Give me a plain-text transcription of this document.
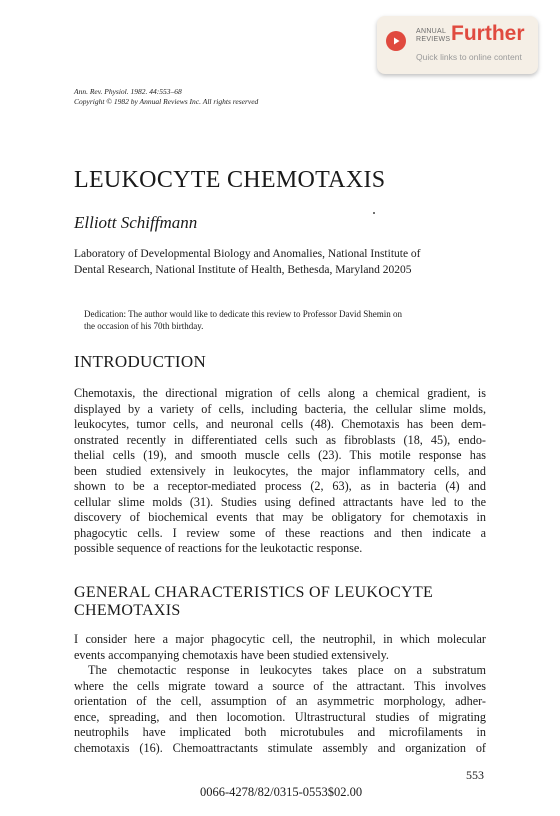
ANNUAL
REVIEWS Further
Quick links to online content
Ann. Rev. Physiol. 1982. 44:553–68
Copyright © 1982 by Annual Reviews Inc. All rights reserved
LEUKOCYTE CHEMOTAXIS
Elliott Schiffmann
Laboratory of Developmental Biology and Anomalies, National Institute of
Dental Research, National Institute of Health, Bethesda, Maryland 20205
Dedication: The author would like to dedicate this review to Professor David Shemin on
the occasion of his 70th birthday.
INTRODUCTION
Chemotaxis, the directional migration of cells along a chemical gradient, is
displayed by a variety of cells, including bacteria, the cellular slime molds,
leukocytes, tumor cells, and neuronal cells (48). Chemotaxis has been dem-
onstrated recently in differentiated cells such as fibroblasts (18, 45), endo-
thelial cells (19), and smooth muscle cells (23). This motile response has
been studied extensively in leukocytes, the major inflammatory cells, and
shown to be a receptor-mediated process (2, 63), as in bacteria (4) and
cellular slime molds (31). Studies using defined attractants have led to the
discovery of biochemical events that may be obligatory for chemotaxis in
phagocytic cells. I review some of these reactions and then indicate a
possible sequence of reactions for the leukotactic response.
GENERAL CHARACTERISTICS OF LEUKOCYTE
CHEMOTAXIS
I consider here a major phagocytic cell, the neutrophil, in which molecular
events accompanying chemotaxis have been studied extensively.
The chemotactic response in leukocytes takes place on a substratum
where the cells migrate toward a source of the attractant. This involves
orientation of the cell, assumption of an asymmetric morphology, adher-
ence, spreading, and then locomotion. Ultrastructural studies of migrating
neutrophils have implicated both microtubules and microfilaments in
chemotaxis (16). Chemoattractants stimulate assembly and organization of
553
0066-4278/82/0315-0553$02.00
